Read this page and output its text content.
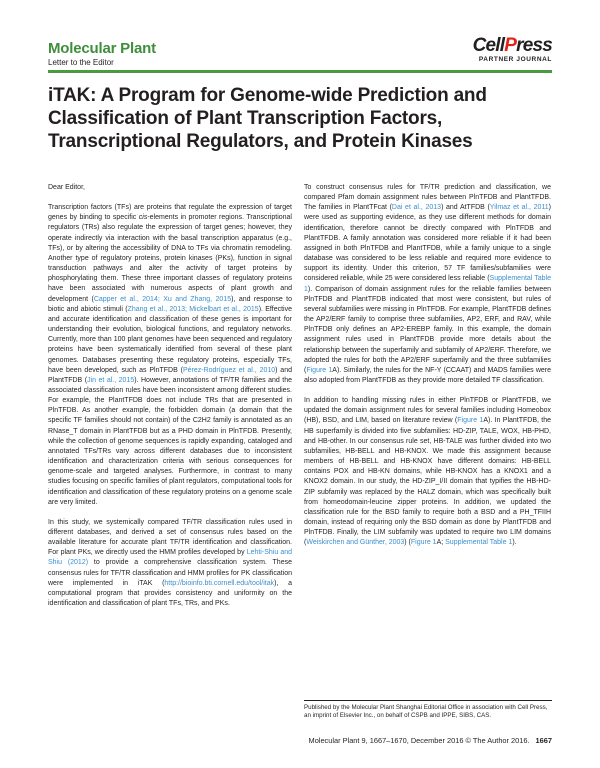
Molecular Plant
Letter to the Editor
CellPress
PARTNER JOURNAL
iTAK: A Program for Genome-wide Prediction and Classification of Plant Transcription Factors, Transcriptional Regulators, and Protein Kinases

Dear Editor,

Transcription factors (TFs) are proteins that regulate the expression of target genes by binding to specific cis-elements in promoter regions. Transcriptional regulators (TRs) also regulate the expression of target genes; however, they operate indirectly via interaction with the basal transcription apparatus (e.g., TFs), or by altering the accessibility of DNA to TFs via chromatin remodeling. Another type of regulatory proteins, protein kinases (PKs), function in signal transduction pathways and alter the activity of target proteins by phosphorylating them. These three important classes of regulatory proteins have been associated with numerous aspects of plant growth and development (Capper et al., 2014; Xu and Zhang, 2015), and response to biotic and abiotic stimuli (Zhang et al., 2013; Mickelbart et al., 2015). Effective and accurate identification and classification of these genes is important for understanding their evolution, biological functions, and regulatory networks. Currently, more than 100 plant genomes have been sequenced and regulatory proteins have been systematically identified from several of these plant genomes. Databases presenting these regulatory proteins, especially TFs, have been developed, such as PlnTFDB (Pérez-Rodríguez et al., 2010) and PlantTFDB (Jin et al., 2015). However, annotations of TF/TR families and the associated classification rules have been inconsistent among different studies. For example, the PlantTFDB does not include TRs that are presented in PlnTFDB. As another example, the forbidden domain (a domain that the specific TF families should not contain) of the C2H2 family is annotated as an RNase_T domain in PlantTFDB but as a PHD domain in PlnTFDB. Presently, while the collection of genome sequences is rapidly expanding, cataloged and annotated TFs/TRs vary across different databases due to inconsistent identification and characterization criteria with serious consequences for genome-scale and targeted analyses. Furthermore, in contrast to many studies focusing on specific families of plant regulators, computational tools for identification and classification of these regulatory proteins on a genome scale are very limited.

In this study, we systemically compared TF/TR classification rules used in different databases, and derived a set of consensus rules based on the available literature for accurate plant TF/TR identification and classification. For plant PKs, we directly used the HMM profiles developed by Lehti-Shiu and Shiu (2012) to provide a comprehensive classification system. These consensus rules for TF/TR classification and HMM profiles for PK classification were implemented in iTAK (http://bioinfo.bti.cornell.edu/tool/itak), a computational program that provides consistency and uniformity on the identification and classification of plant TFs, TRs, and PKs.

To construct consensus rules for TF/TR prediction and classification, we compared Pfam domain assignment rules between PlnTFDB and PlantTFDB. The families in PlantTFcat (Dai et al., 2013) and AtTFDB (Yilmaz et al., 2011) were used as supporting evidence, as they use different methods for domain identification, therefore cannot be directly compared with PlnTFDB and PlantTFDB. A family annotation was considered more reliable if it had been assigned in both PlnTFDB and PlantTFDB, while a family unique to a single database was considered to be less reliable and required more evidence to support its identity. Under this criterion, 57 TF families/subfamilies were considered reliable, while 25 were considered less reliable (Supplemental Table 1). Comparison of domain assignment rules for the reliable families between PlnTFDB and PlantTFDB indicated that most were consistent, but rules of several subfamilies were missing in PlnTFDB. For example, PlantTFDB defines the AP2/ERF family to comprise three subfamilies, AP2, ERF, and RAV, while PlnTFDB only defines an AP2-EREBP family. In this example, the domain assignment rules used in PlantTFDB provide more details about the relationship between the superfamily and subfamily of AP2/ERF. Therefore, we adopted the rules for both the AP2/ERF superfamily and the three subfamilies (Figure 1A). Similarly, the rules for the NF-Y (CCAAT) and MADS families were also adopted from PlantTFDB as they provide more detailed TF classification.

In addition to handling missing rules in either PlnTFDB or PlantTFDB, we updated the domain assignment rules for several families including Homeobox (HB), BSD, and LIM, based on literature review (Figure 1A). In PlantTFDB, the HB superfamily is divided into five subfamilies: HD-ZIP, TALE, WOX, HB-PHD, and HB-other. In our consensus rule set, HB-TALE was further divided into two subfamilies, HB-BELL and HB-KNOX. We made this assignment because members of HB-BELL and HB-KNOX have different domains: HB-BELL contains POX and HB-KN domains, while HB-KNOX has a KNOX1 and a KNOX2 domain. In our study, the HD-ZIP_I/II domain that typifies the HB-HD-ZIP subfamily was replaced by the HALZ domain, which was specifically built from homeodomain-leucine zipper proteins. In addition, we updated the classification rule for the BSD family to require both a BSD and a PH_TFIIH domain, instead of requiring only the BSD domain as done by PlantTFDB and PlnTFDB. Finally, the LIM subfamily was updated to require two LIM domains (Weiskirchen and Günther, 2003) (Figure 1A; Supplemental Table 1).

Published by the Molecular Plant Shanghai Editorial Office in association with Cell Press, an imprint of Elsevier Inc., on behalf of CSPB and IPPE, SIBS, CAS.
Molecular Plant 9, 1667–1670, December 2016 © The Author 2016. 1667
